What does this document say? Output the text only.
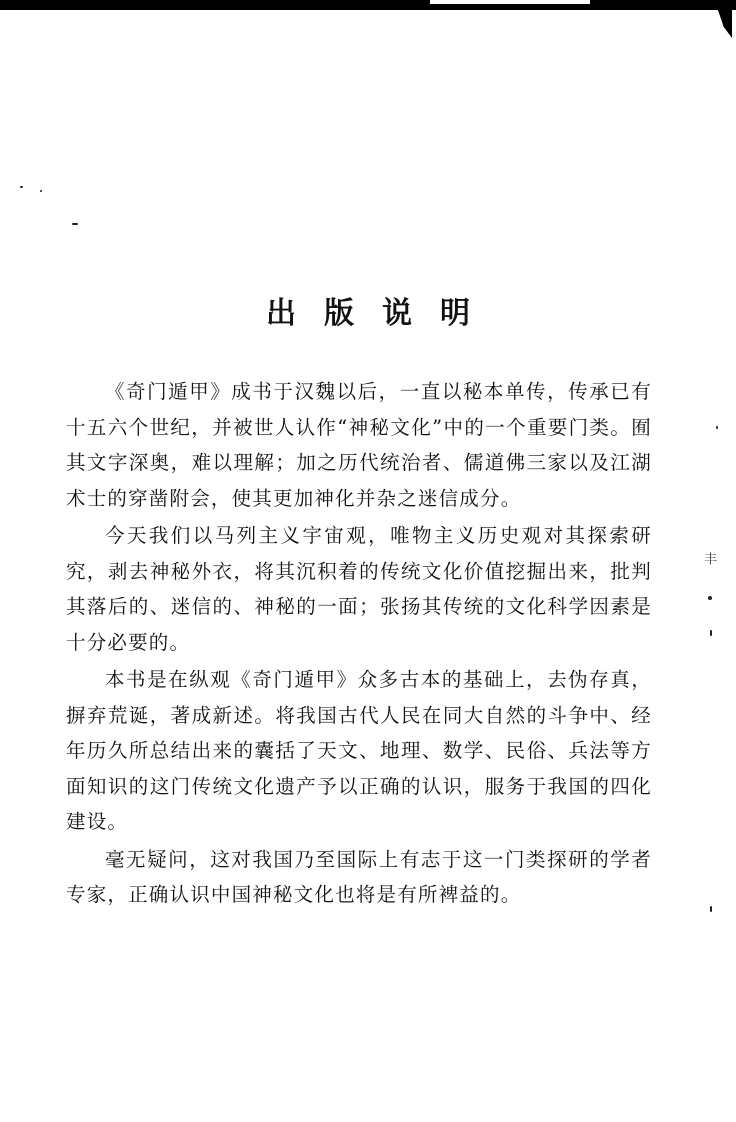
出版说明

《奇门遁甲》成书于汉魏以后，一直以秘本单传，传承已有十五六个世纪，并被世人认作“神秘文化”中的一个重要门类。囿其文字深奥，难以理解；加之历代统治者、儒道佛三家以及江湖术士的穿凿附会，使其更加神化并杂之迷信成分。

今天我们以马列主义宇宙观，唯物主义历史观对其探索研究，剥去神秘外衣，将其沉积着的传统文化价值挖掘出来，批判其落后的、迷信的、神秘的一面；张扬其传统的文化科学因素是十分必要的。

本书是在纵观《奇门遁甲》众多古本的基础上，去伪存真，摒弃荒诞，著成新述。将我国古代人民在同大自然的斗争中、经年历久所总结出来的囊括了天文、地理、数学、民俗、兵法等方面知识的这门传统文化遗产予以正确的认识，服务于我国的四化建设。

毫无疑问，这对我国乃至国际上有志于这一门类探研的学者专家，正确认识中国神秘文化也将是有所裨益的。

丰
